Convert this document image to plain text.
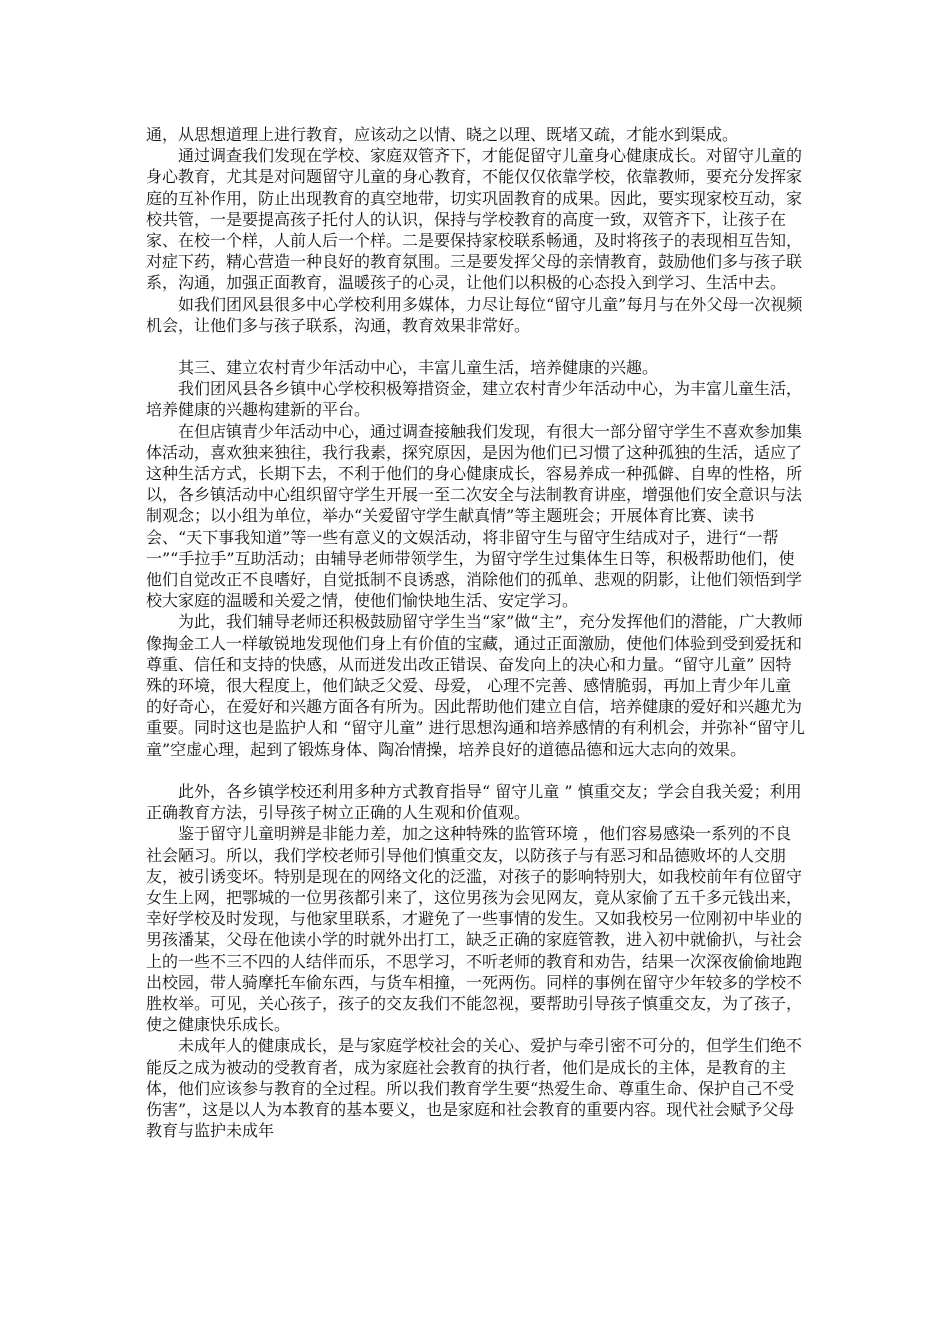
通，从思想道理上进行教育，应该动之以情、晓之以理、既堵又疏，才能水到渠成。

通过调查我们发现在学校、家庭双管齐下，才能促留守儿童身心健康成长。对留守儿童的身心教育，尤其是对问题留守儿童的身心教育，不能仅仅依靠学校，依靠教师，要充分发挥家庭的互补作用，防止出现教育的真空地带，切实巩固教育的成果。因此，要实现家校互动，家校共管，一是要提高孩子托付人的认识，保持与学校教育的高度一致，双管齐下，让孩子在家、在校一个样，人前人后一个样。二是要保持家校联系畅通，及时将孩子的表现相互告知，对症下药，精心营造一种良好的教育氛围。三是要发挥父母的亲情教育，鼓励他们多与孩子联系，沟通，加强正面教育，温暖孩子的心灵，让他们以积极的心态投入到学习、生活中去。

如我们团风县很多中心学校利用多媒体，力尽让每位“留守儿童”每月与在外父母一次视频机会，让他们多与孩子联系，沟通，教育效果非常好。

其三、建立农村青少年活动中心，丰富儿童生活，培养健康的兴趣。

我们团风县各乡镇中心学校积极筹措资金，建立农村青少年活动中心，为丰富儿童生活，培养健康的兴趣构建新的平台。

在但店镇青少年活动中心，通过调查接触我们发现，有很大一部分留守学生不喜欢参加集体活动，喜欢独来独往，我行我素，探究原因，是因为他们已习惯了这种孤独的生活，适应了这种生活方式，长期下去，不利于他们的身心健康成长，容易养成一种孤僻、自卑的性格，所以，各乡镇活动中心组织留守学生开展一至二次安全与法制教育讲座，增强他们安全意识与法制观念；以小组为单位，举办“关爱留守学生献真情”等主题班会；开展体育比赛、读书会、“天下事我知道”等一些有意义的文娱活动，将非留守生与留守生结成对子，进行“一帮一”“手拉手”互助活动；由辅导老师带领学生，为留守学生过集体生日等，积极帮助他们，使他们自觉改正不良嗜好，自觉抵制不良诱惑，消除他们的孤单、悲观的阴影，让他们领悟到学校大家庭的温暖和关爱之情，使他们愉快地生活、安定学习。

为此，我们辅导老师还积极鼓励留守学生当“家”做“主”，充分发挥他们的潜能，广大教师像掏金工人一样敏锐地发现他们身上有价值的宝藏，通过正面激励，使他们体验到受到爱抚和尊重、信任和支持的快感，从而迸发出改正错误、奋发向上的决心和力量。“留守儿童” 因特殊的环境，很大程度上，他们缺乏父爱、母爱， 心理不完善、感情脆弱，再加上青少年儿童的好奇心，在爱好和兴趣方面各有所为。因此帮助他们建立自信，培养健康的爱好和兴趣尤为重要。同时这也是监护人和 “留守儿童” 进行思想沟通和培养感情的有利机会，并弥补“留守儿童”空虚心理，起到了锻炼身体、陶冶情操，培养良好的道德品德和远大志向的效果。

此外，各乡镇学校还利用多种方式教育指导“ 留守儿童 ” 慎重交友；学会自我关爱；利用正确教育方法，引导孩子树立正确的人生观和价值观。

鉴于留守儿童明辨是非能力差，加之这种特殊的监管环境 ，他们容易感染一系列的不良社会陋习。所以，我们学校老师引导他们慎重交友，以防孩子与有恶习和品德败坏的人交朋友，被引诱变坏。特别是现在的网络文化的泛滥，对孩子的影响特别大，如我校前年有位留守女生上网，把鄂城的一位男孩都引来了，这位男孩为会见网友，竟从家偷了五千多元钱出来，幸好学校及时发现，与他家里联系，才避免了一些事情的发生。又如我校另一位刚初中毕业的男孩潘某，父母在他读小学的时就外出打工，缺乏正确的家庭管教，进入初中就偷扒，与社会上的一些不三不四的人结伴而乐，不思学习，不听老师的教育和劝告，结果一次深夜偷偷地跑出校园，带人骑摩托车偷东西，与货车相撞，一死两伤。同样的事例在留守少年较多的学校不胜枚举。可见，关心孩子，孩子的交友我们不能忽视，要帮助引导孩子慎重交友，为了孩子，使之健康快乐成长。

未成年人的健康成长，是与家庭学校社会的关心、爱护与牵引密不可分的，但学生们绝不能反之成为被动的受教育者，成为家庭社会教育的执行者，他们是成长的主体，是教育的主体，他们应该参与教育的全过程。所以我们教育学生要“热爱生命、尊重生命、保护自己不受伤害”，这是以人为本教育的基本要义，也是家庭和社会教育的重要内容。现代社会赋予父母教育与监护未成年
